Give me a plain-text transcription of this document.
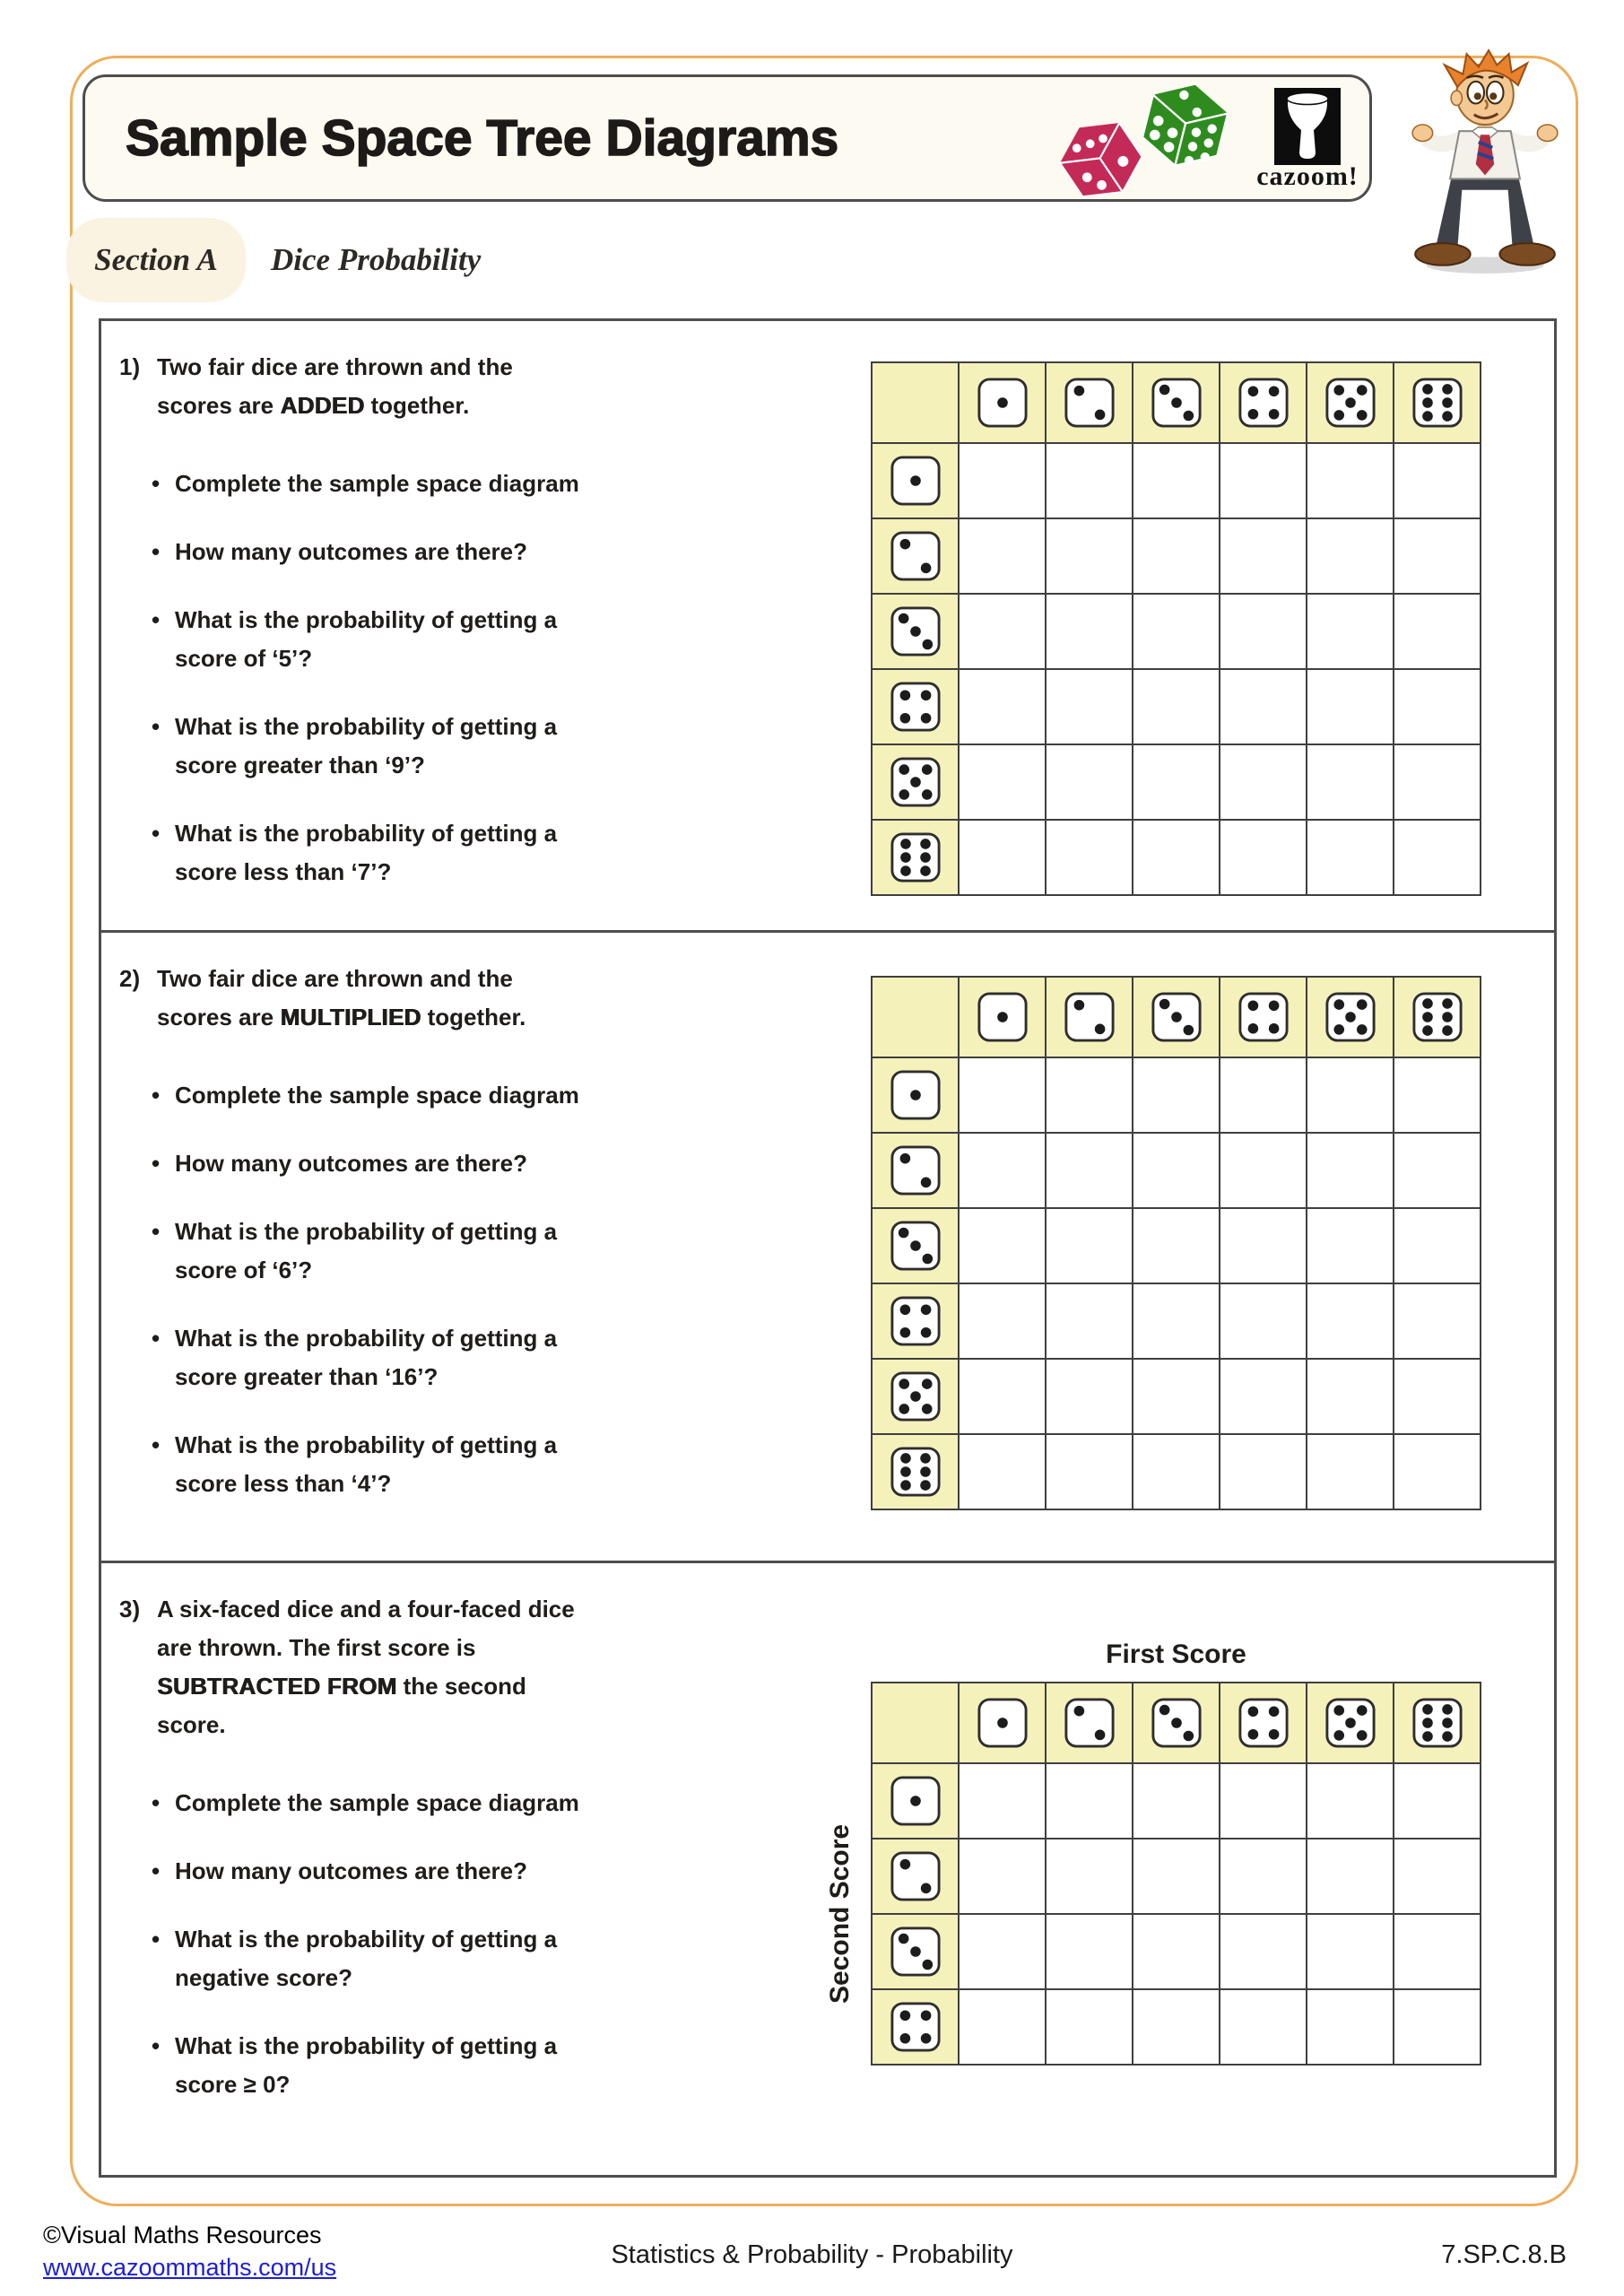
Sample Space Tree Diagrams
cazoom!
Section A Dice Probability
1) Two fair dice are thrown and the scores are ADDED together.
• Complete the sample space diagram
• How many outcomes are there?
• What is the probability of getting a score of ‘5’?
• What is the probability of getting a score greater than ‘9’?
• What is the probability of getting a score less than ‘7’?

2) Two fair dice are thrown and the scores are MULTIPLIED together.
• Complete the sample space diagram
• How many outcomes are there?
• What is the probability of getting a score of ‘6’?
• What is the probability of getting a score greater than ‘16’?
• What is the probability of getting a score less than ‘4’?

3) A six-faced dice and a four-faced dice are thrown. The first score is SUBTRACTED FROM the second score.
• Complete the sample space diagram
• How many outcomes are there?
• What is the probability of getting a negative score?
• What is the probability of getting a score ≥ 0?
First Score
Second Score

©Visual Maths Resources
www.cazoommaths.com/us	Statistics & Probability - Probability	7.SP.C.8.B
